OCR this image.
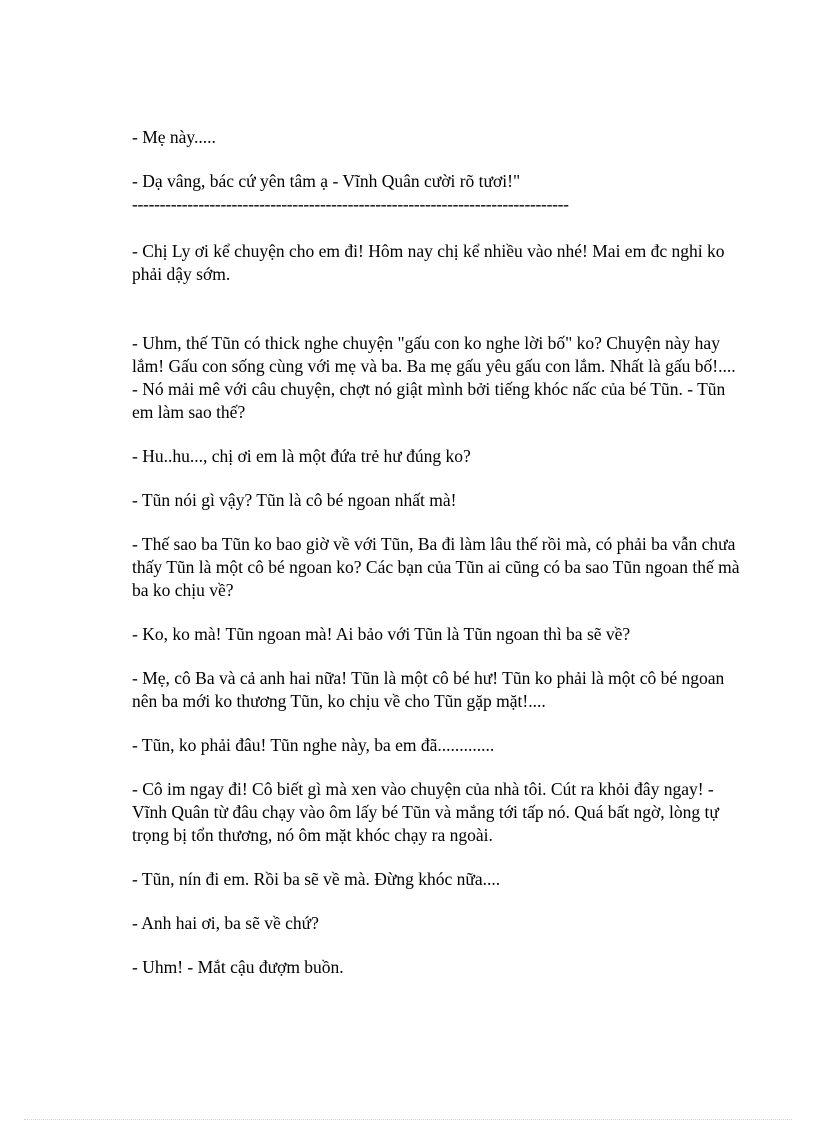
- Mẹ này.....

- Dạ vâng, bác cứ yên tâm ạ - Vĩnh Quân cười rõ tươi!"

-------------------------------------------------------------------------------

- Chị Ly ơi kể chuyện cho em đi! Hôm nay chị kể nhiều vào nhé! Mai em đc nghỉ ko phải dậy sớm.

- Uhm, thế Tũn có thick nghe chuyện "gấu con ko nghe lời bố" ko? Chuyện này hay lắm! Gấu con sống cùng với mẹ và ba. Ba mẹ gấu yêu gấu con lắm. Nhất là gấu bố!.... - Nó mải mê với câu chuyện, chợt nó giật mình bởi tiếng khóc nấc của bé Tũn. - Tũn em làm sao thế?

- Hu..hu..., chị ơi em là một đứa trẻ hư đúng ko?

- Tũn nói gì vậy? Tũn là cô bé ngoan nhất mà!

- Thế sao ba Tũn ko bao giờ về với Tũn, Ba đi làm lâu thế rồi mà, có phải ba vẫn chưa thấy Tũn là một cô bé ngoan ko? Các bạn của Tũn ai cũng có ba sao Tũn ngoan thế mà ba ko chịu về?

- Ko, ko mà! Tũn ngoan mà! Ai bảo với Tũn là Tũn ngoan thì ba sẽ về?

- Mẹ, cô Ba và cả anh hai nữa! Tũn là một cô bé hư! Tũn ko phải là một cô bé ngoan nên ba mới ko thương Tũn, ko chịu về cho Tũn gặp mặt!....

- Tũn, ko phải đâu! Tũn nghe này, ba em đã.............

- Cô im ngay đi! Cô biết gì mà xen vào chuyện của nhà tôi. Cút ra khỏi đây ngay! - Vĩnh Quân từ đâu chạy vào ôm lấy bé Tũn và mắng tới tấp nó. Quá bất ngờ, lòng tự trọng bị tổn thương, nó ôm mặt khóc chạy ra ngoài.

- Tũn, nín đi em. Rồi ba sẽ về mà. Đừng khóc nữa....

- Anh hai ơi, ba sẽ về chứ?

- Uhm! - Mắt cậu đượm buồn.
